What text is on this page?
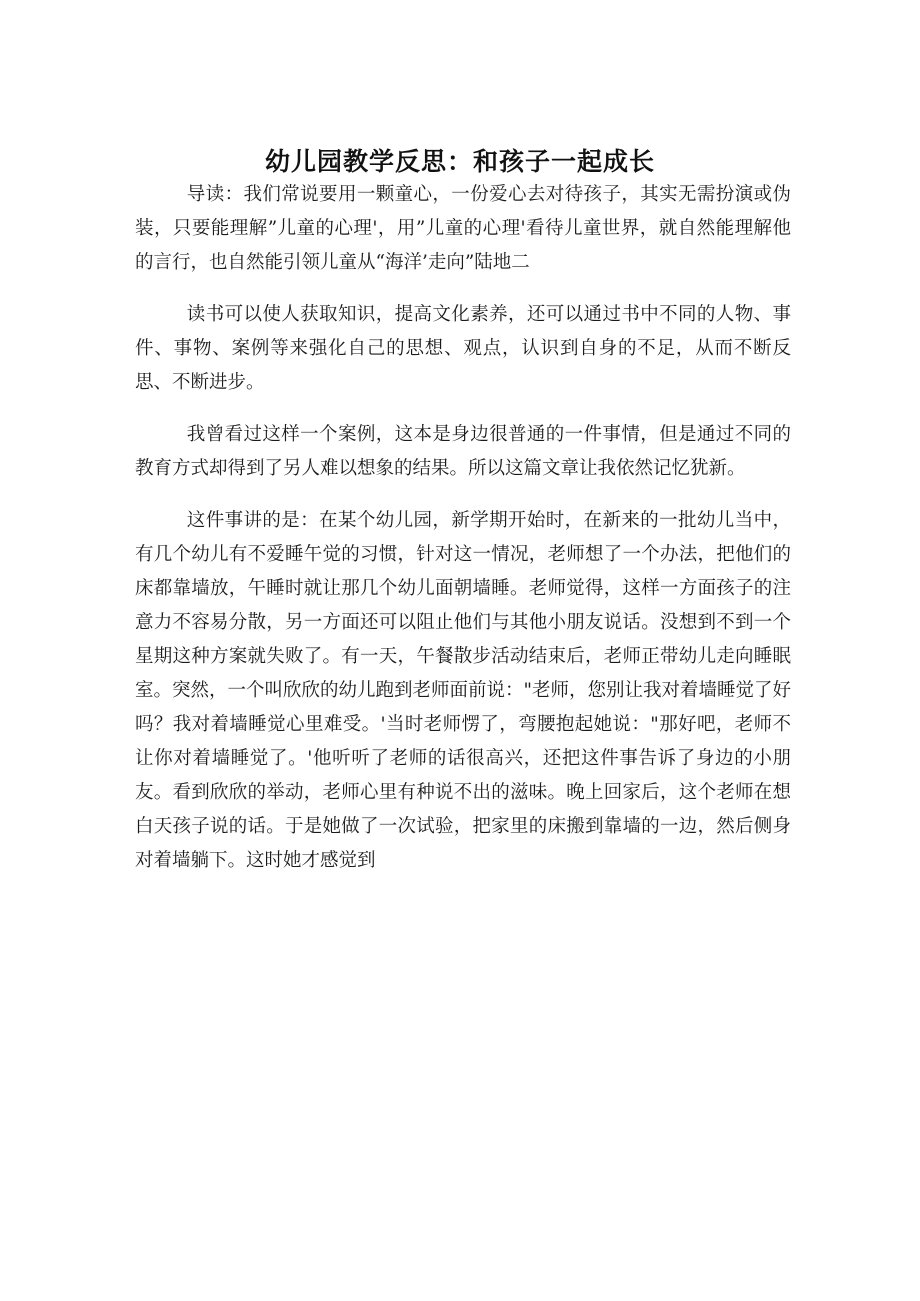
幼儿园教学反思：和孩子一起成长

导读：我们常说要用一颗童心，一份爱心去对待孩子，其实无需扮演或伪装，只要能理解”儿童的心理'，用”儿童的心理'看待儿童世界，就自然能理解他的言行，也自然能引领儿童从“海洋’走向”陆地二

读书可以使人获取知识，提高文化素养，还可以通过书中不同的人物、事件、事物、案例等来强化自己的思想、观点，认识到自身的不足，从而不断反思、不断进步。

我曾看过这样一个案例，这本是身边很普通的一件事情，但是通过不同的教育方式却得到了另人难以想象的结果。所以这篇文章让我依然记忆犹新。

这件事讲的是：在某个幼儿园，新学期开始时，在新来的一批幼儿当中，有几个幼儿有不爱睡午觉的习惯，针对这一情况，老师想了一个办法，把他们的床都靠墙放，午睡时就让那几个幼儿面朝墙睡。老师觉得，这样一方面孩子的注意力不容易分散，另一方面还可以阻止他们与其他小朋友说话。没想到不到一个星期这种方案就失败了。有一天，午餐散步活动结束后，老师正带幼儿走向睡眠室。突然，一个叫欣欣的幼儿跑到老师面前说："老师，您别让我对着墙睡觉了好吗？我对着墙睡觉心里难受。'当时老师愣了，弯腰抱起她说："那好吧，老师不让你对着墙睡觉了。'他听听了老师的话很高兴，还把这件事告诉了身边的小朋友。看到欣欣的举动，老师心里有种说不出的滋味。晚上回家后，这个老师在想白天孩子说的话。于是她做了一次试验，把家里的床搬到靠墙的一边，然后侧身对着墙躺下。这时她才感觉到
